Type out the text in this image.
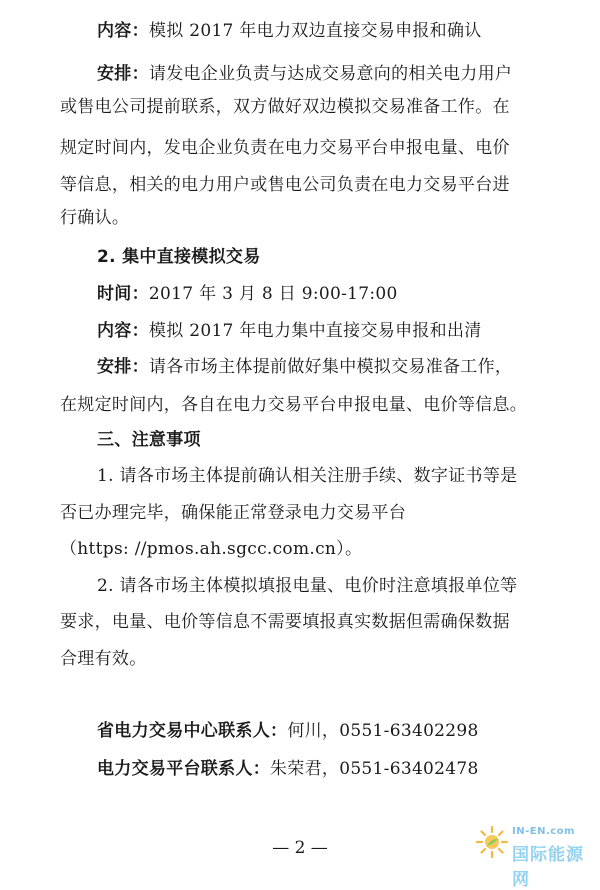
内容：模拟 2017 年电力双边直接交易申报和确认
安排：请发电企业负责与达成交易意向的相关电力用户
或售电公司提前联系，双方做好双边模拟交易准备工作。在
规定时间内，发电企业负责在电力交易平台申报电量、电价
等信息，相关的电力用户或售电公司负责在电力交易平台进
行确认。
2. 集中直接模拟交易
时间：2017 年 3 月 8 日 9:00-17:00
内容：模拟 2017 年电力集中直接交易申报和出清
安排：请各市场主体提前做好集中模拟交易准备工作，
在规定时间内，各自在电力交易平台申报电量、电价等信息。
三、注意事项
1. 请各市场主体提前确认相关注册手续、数字证书等是
否已办理完毕，确保能正常登录电力交易平台
（https: //pmos.ah.sgcc.com.cn）。
2. 请各市场主体模拟填报电量、电价时注意填报单位等
要求，电量、电价等信息不需要填报真实数据但需确保数据
合理有效。
省电力交易中心联系人：何川，0551-63402298
电力交易平台联系人：朱荣君，0551-63402478
— 2 —
IN-EN.com
国际能源网
